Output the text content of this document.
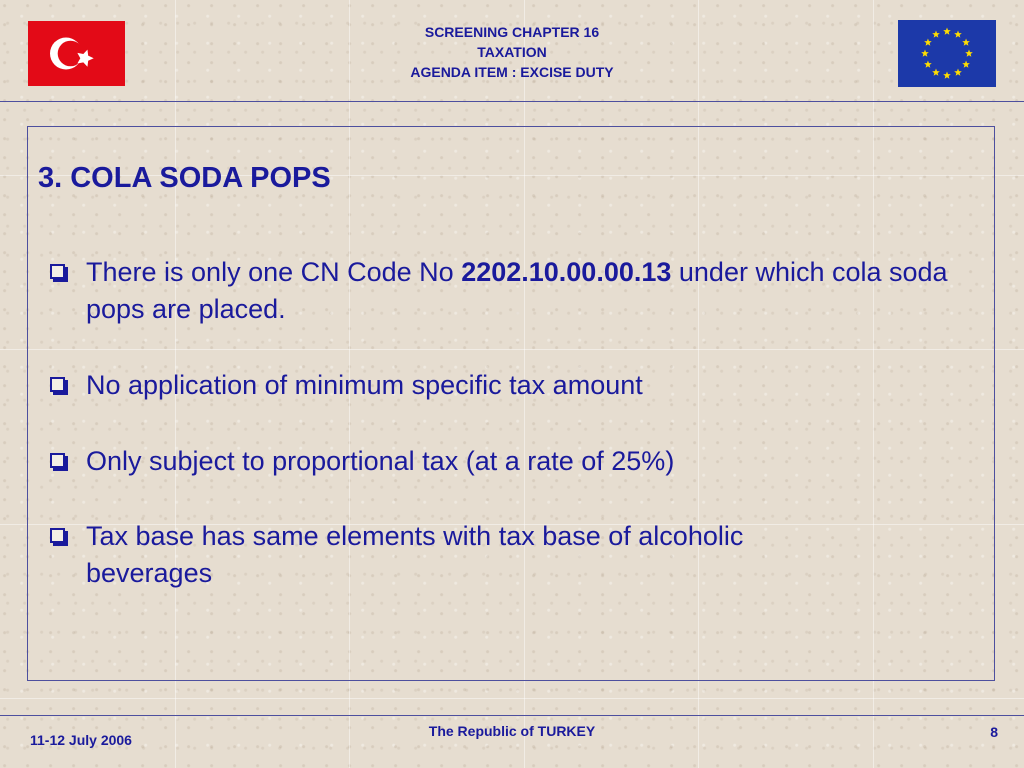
SCREENING CHAPTER 16
TAXATION
AGENDA ITEM : EXCISE DUTY
3. COLA SODA POPS
There is only one CN Code No 2202.10.00.00.13 under which cola soda pops are placed.
No application of minimum specific tax amount
Only subject to proportional tax (at a rate of 25%)
Tax base has same elements with tax base of alcoholic beverages
11-12 July 2006
The Republic of TURKEY	8
